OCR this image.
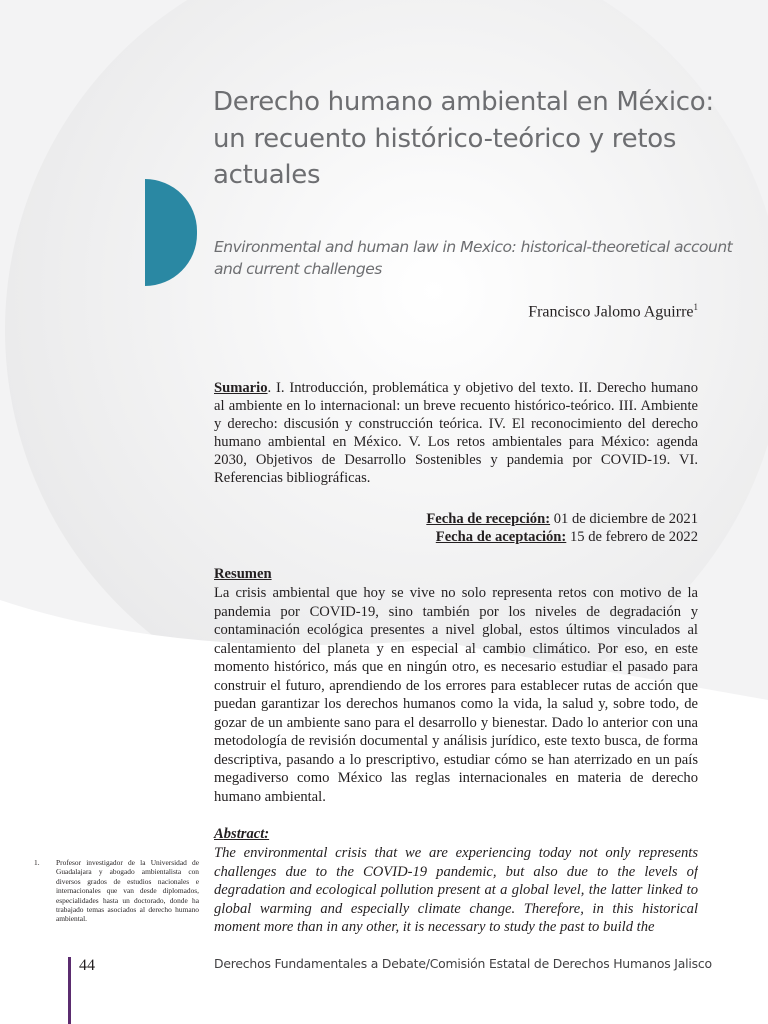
Derecho humano ambiental en México: un recuento histórico-teórico y retos actuales
Environmental and human law in Mexico: historical-theoretical account and current challenges
Francisco Jalomo Aguirre$^1$
Sumario. I. Introducción, problemática y objetivo del texto. II. Derecho humano al ambiente en lo internacional: un breve recuento histórico-teórico. III. Ambiente y derecho: discusión y construcción teórica. IV. El reconocimiento del derecho humano ambiental en México. V. Los retos ambientales para México: agenda 2030, Objetivos de Desarrollo Sostenibles y pandemia por COVID-19. VI. Referencias bibliográficas.
Fecha de recepción: 01 de diciembre de 2021
Fecha de aceptación: 15 de febrero de 2022
Resumen
La crisis ambiental que hoy se vive no solo representa retos con motivo de la pandemia por COVID-19, sino también por los niveles de degradación y contaminación ecológica presentes a nivel global, estos últimos vinculados al calentamiento del planeta y en especial al cambio climático. Por eso, en este momento histórico, más que en ningún otro, es necesario estudiar el pasado para construir el futuro, aprendiendo de los errores para establecer rutas de acción que puedan garantizar los derechos humanos como la vida, la salud y, sobre todo, de gozar de un ambiente sano para el desarrollo y bienestar. Dado lo anterior con una metodología de revisión documental y análisis jurídico, este texto busca, de forma descriptiva, pasando a lo prescriptivo, estudiar cómo se han aterrizado en un país megadiverso como México las reglas internacionales en materia de derecho humano ambiental.
Abstract:
The environmental crisis that we are experiencing today not only represents challenges due to the COVID-19 pandemic, but also due to the levels of degradation and ecological pollution present at a global level, the latter linked to global warming and especially climate change. Therefore, in this historical moment more than in any other, it is necessary to study the past to build the
1. Profesor investigador de la Universidad de Guadalajara y abogado ambientalista con diversos grados de estudios nacionales e internacionales que van desde diplomados, especialidades hasta un doctorado, donde ha trabajado temas asociados al derecho humano ambiental.
44	Derechos Fundamentales a Debate/Comisión Estatal de Derechos Humanos Jalisco
